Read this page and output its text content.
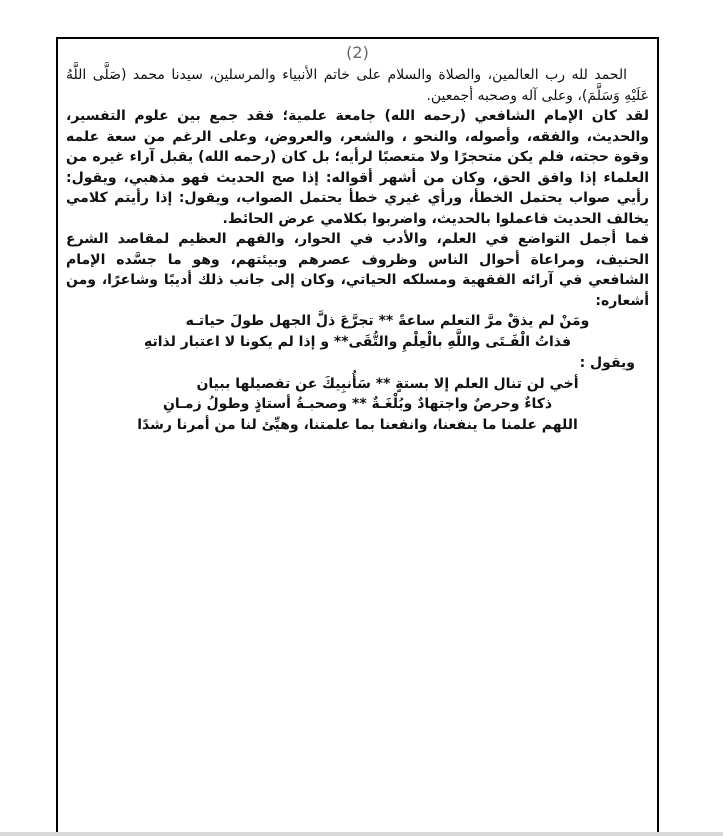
(2)

الحمد لله رب العالمين، والصلاة والسلام على خاتم الأنبياء والمرسلين، سيدنا محمد (صَلَّى اللَّهُ عَلَيْهِ وَسَلَّمَ)، وعلى آله وصحبه أجمعين.

لقد كان الإمام الشافعي (رحمه الله) جامعة علمية؛ فقد جمع بين علوم التفسير، والحديث، والفقه، وأصوله، والنحو ، والشعر، والعروض، وعلى الرغم من سعة علمه وقوة حجته، فلم يكن متحجرًا ولا متعصبًا لرأيه؛ بل كان (رحمه الله) يقبل آراء غيره من العلماء إذا وافق الحق، وكان من أشهر أقواله: إذا صح الحديث فهو مذهبي، ويقول: رأيي صواب يحتمل الخطأ، ورأي غيري خطأ يحتمل الصواب، ويقول: إذا رأيتم كلامي يخالف الحديث فاعملوا بالحديث، واضربوا بكلامي عرض الحائط.

فما أجمل التواضع في العلم، والأدب في الحوار، والفهم العظيم لمقاصد الشرع الحنيف، ومراعاة أحوال الناس وظروف عصرهم وبيئتهم، وهو ما جسَّده الإمام الشافعي في آرائه الفقهية ومسلكه الحياتي، وكان إلى جانب ذلك أديبًا وشاعرًا، ومن أشعاره:

ومَنْ لم يذقْ مرَّ التعلم ساعةً ** تجرَّعَ ذلَّ الجهل طولَ حياتـه
فذاتُ الْفَـتَى واللَّهِ بالْعِلْمِ والتُّقَى** و إذا لم يكونا لا اعتبار لذاتهِ
ويقول :
أخي لن تنال العلم إلا بستةٍ ** سَأُنبِيكَ عن تفصيلها ببيان
ذكاءٌ وحرصٌ واجتهادٌ وبُلْغَـةٌ ** وصحبـةُ أستاذٍ وطولُ زمـانِ
اللهم علمنا ما ينفعنا، وانفعنا بما علمتنا، وهيِّئ لنا من أمرنا رشدًا
